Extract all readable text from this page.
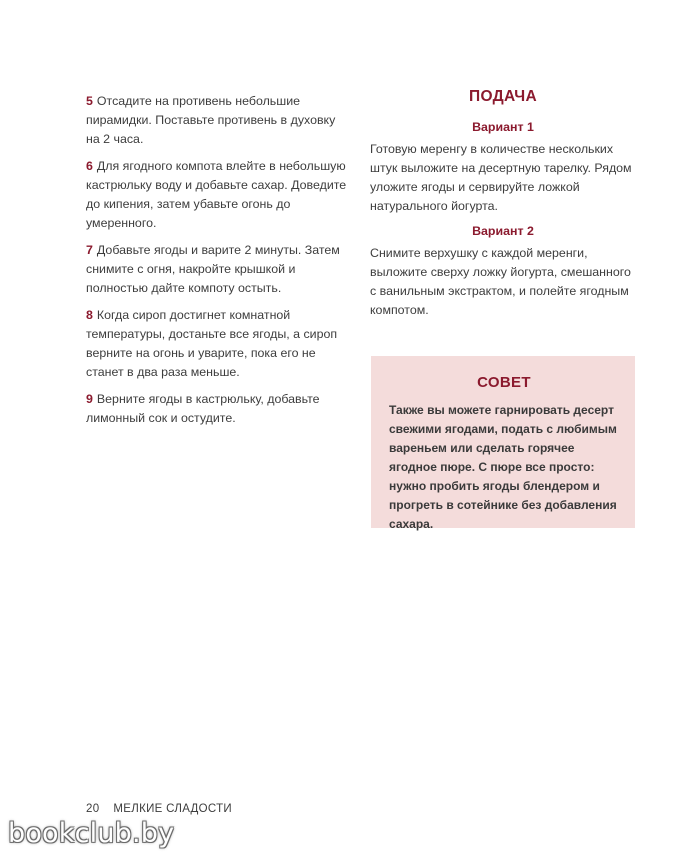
5 Отсадите на противень небольшие пирамидки. Поставьте противень в духовку на 2 часа.

6 Для ягодного компота влейте в небольшую кастрюльку воду и добавьте сахар. Доведите до кипения, затем убавьте огонь до умеренного.

7 Добавьте ягоды и варите 2 минуты. Затем снимите с огня, накройте крышкой и полностью дайте компоту остыть.

8 Когда сироп достигнет комнатной температуры, достаньте все ягоды, а сироп верните на огонь и уварите, пока его не станет в два раза меньше.

9 Верните ягоды в кастрюльку, добавьте лимонный сок и остудите.

ПОДАЧА
Вариант 1

Готовую меренгу в количестве нескольких штук выложите на десертную тарелку. Рядом уложите ягоды и сервируйте ложкой натурального йогурта.

Вариант 2

Снимите верхушку с каждой меренги, выложите сверху ложку йогурта, смешанного с ванильным экстрактом, и полейте ягодным компотом.

СОВЕТ

Также вы можете гарнировать десерт свежими ягодами, подать с любимым вареньем или сделать горячее ягодное пюре. С пюре все просто: нужно пробить ягоды блендером и прогреть в сотейнике без добавления сахара.

20 МЕЛКИЕ СЛАДОСТИ
bookclub.by
